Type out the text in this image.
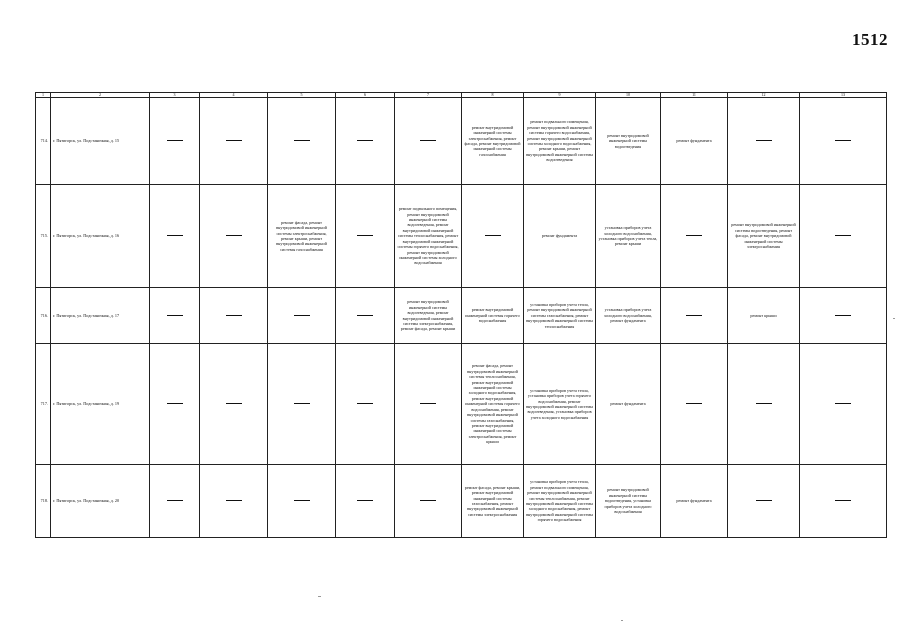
1512
1	2	3	4	5	6	7	8	9	10	11	12	13
714.	г. Пятигорск, ул. Подстаничная, д. 15						ремонт внутридомовой инженерной системы электроснабжения, ремонт фасада, ремонт внутридомовой инженерной системы газоснабжения	ремонт подвального помещения, ремонт внутридомовой инженерной системы горячего водоснабжения, ремонт внутридомовой инженерной системы холодного водоснабжения, ремонт крыши, ремонт внутридомовой инженерной системы водоотведения	ремонт внутридомовой инженерной системы водоотведения	ремонт фундамента		
715.	г. Пятигорск, ул. Подстаничная, д. 16			ремонт фасада, ремонт внутридомовой инженерной системы электроснабжения, ремонт крыши, ремонт внутридомовой инженерной системы газоснабжения		ремонт подвального помещения, ремонт внутридомовой инженерной системы водоотведения, ремонт внутридомовой инженерной системы теплоснабжения, ремонт внутридомовой инженерной системы горячего водоснабжения, ремонт внутридомовой инженерной системы холодного водоснабжения		ремонт фундамента	установка приборов учета холодного водоснабжения, установка приборов учета тепла, ремонт крыши		ремонт внутридомовой инженерной системы водоотведения, ремонт фасада, ремонт внутридомовой инженерной системы электроснабжения	
716.	г. Пятигорск, ул. Подстаничная, д. 17					ремонт внутридомовой инженерной системы водоотведения, ремонт внутридомовой инженерной системы электроснабжения, ремонт фасада, ремонт крыши	ремонт внутридомовой инженерной системы горячего водоснабжения	установка приборов учета тепла, ремонт внутридомовой инженерной системы газоснабжения, ремонт внутридомовой инженерной системы теплоснабжения	установка приборов учета холодного водоснабжения, ремонт фундамента		ремонт крыши	
717.	г. Пятигорск, ул. Подстаничная, д. 19						ремонт фасада, ремонт внутридомовой инженерной системы теплоснабжения, ремонт внутридомовой инженерной системы холодного водоснабжения, ремонт внутридомовой инженерной системы горячего водоснабжения, ремонт внутридомовой инженерной системы газоснабжения, ремонт внутридомовой инженерной системы электроснабжения, ремонт крыши	установка приборов учета тепла, установка приборов учета горячего водоснабжения, ремонт внутридомовой инженерной системы водоотведения, установка приборов учета холодного водоснабжения	ремонт фундамента			
718.	г. Пятигорск, ул. Подстаничная, д. 20						ремонт фасада, ремонт крыши, ремонт внутридомовой инженерной системы газоснабжения, ремонт внутридомовой инженерной системы электроснабжения	установка приборов учета тепла, ремонт подвального помещения, ремонт внутридомовой инженерной системы теплоснабжения, ремонт внутридомовой инженерной системы холодного водоснабжения, ремонт внутридомовой инженерной системы горячего водоснабжения	ремонт внутридомовой инженерной системы водоотведения, установка приборов учета холодного водоснабжения	ремонт фундамента		
